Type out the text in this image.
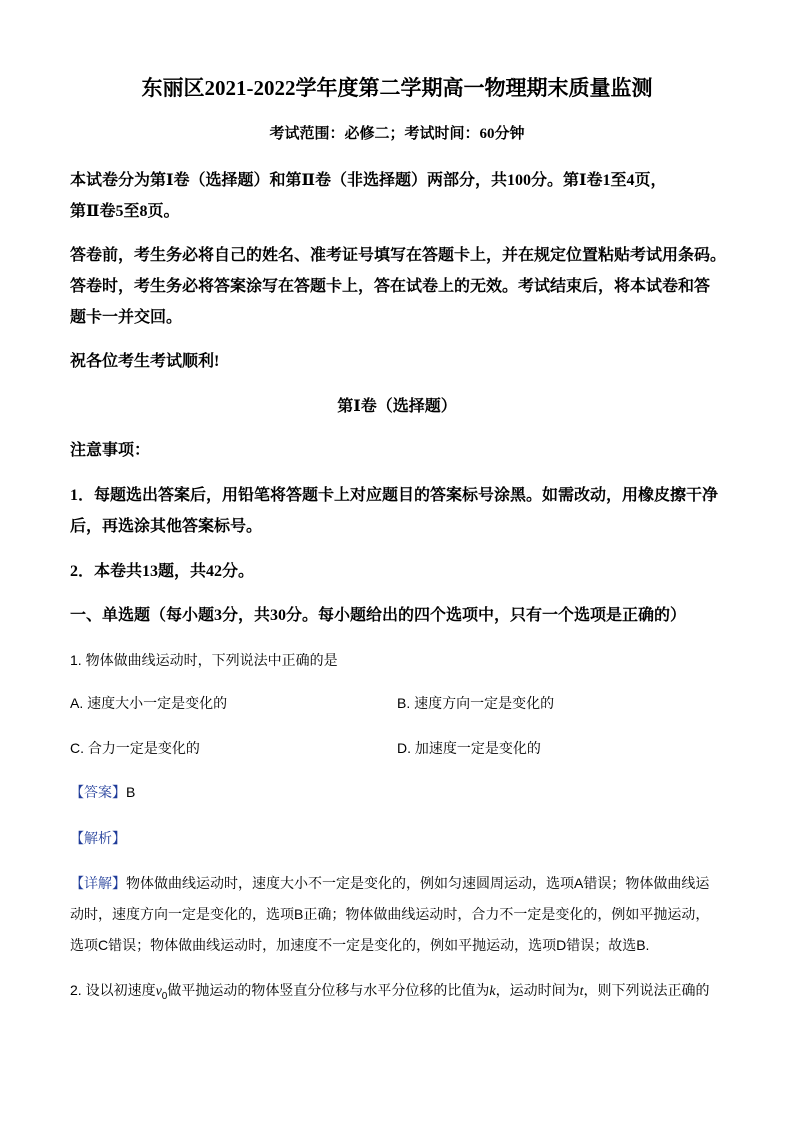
东丽区2021-2022学年度第二学期高一物理期末质量监测
考试范围：必修二；考试时间：60分钟
本试卷分为第Ⅰ卷（选择题）和第Ⅱ卷（非选择题）两部分，共100分。第Ⅰ卷1至4页，
第Ⅱ卷5至8页。
答卷前，考生务必将自己的姓名、准考证号填写在答题卡上，并在规定位置粘贴考试用条码。
答卷时，考生务必将答案涂写在答题卡上，答在试卷上的无效。考试结束后，将本试卷和答
题卡一并交回。
祝各位考生考试顺利!
第Ⅰ卷（选择题）
注意事项：
1．每题选出答案后，用铅笔将答题卡上对应题目的答案标号涂黑。如需改动，用橡皮擦干净
后，再选涂其他答案标号。
2．本卷共13题，共42分。
一、单选题（每小题3分，共30分。每小题给出的四个选项中，只有一个选项是正确的）
1. 物体做曲线运动时，下列说法中正确的是
A. 速度大小一定是变化的	B. 速度方向一定是变化的
C. 合力一定是变化的	D. 加速度一定是变化的
【答案】B
【解析】
【详解】物体做曲线运动时，速度大小不一定是变化的，例如匀速圆周运动，选项A错误；物体做曲线运
动时，速度方向一定是变化的，选项B正确；物体做曲线运动时，合力不一定是变化的，例如平抛运动，
选项C错误；物体做曲线运动时，加速度不一定是变化的，例如平抛运动，选项D错误；故选B.
2. 设以初速度$v_0$做平抛运动的物体竖直分位移与水平分位移的比值为k，运动时间为t，则下列说法正确的
